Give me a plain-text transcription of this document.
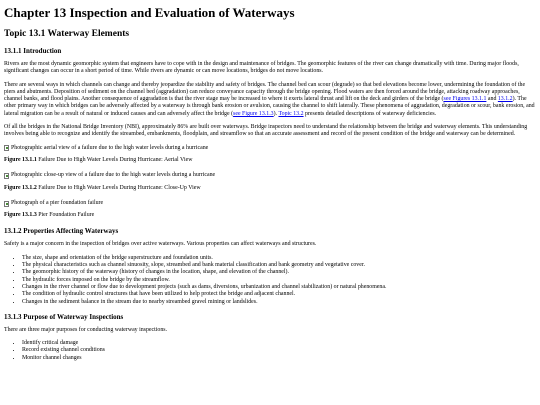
Chapter 13 Inspection and Evaluation of Waterways
Topic 13.1 Waterway Elements
13.1.1 Introduction

Rivers are the most dynamic geomorphic system that engineers have to cope with in the design and maintenance of bridges. The geomorphic features of the river can change dramatically with time. During major floods, significant changes can occur in a short period of time. While rivers are dynamic or can move locations, bridges do not move locations.

There are several ways in which channels can change and thereby jeopardize the stability and safety of bridges. The channel bed can scour (degrade) so that bed elevations become lower, undermining the foundation of the piers and abutments. Deposition of sediment on the channel bed (aggradation) can reduce conveyance capacity through the bridge opening. Flood waters are then forced around the bridge, attacking roadway approaches, channel banks, and flood plains. Another consequence of aggradation is that the river stage may be increased to where it exerts lateral thrust and lift on the deck and girders of the bridge (see Figures 13.1.1 and 13.1.2). The other primary way in which bridges can be adversely affected by a waterway is through bank erosion or avulsion, causing the channel to shift laterally. These phenomena of aggradation, degradation or scour, bank erosion, and lateral migration can be a result of natural or induced causes and can adversely affect the bridge (see Figure 13.1.3). Topic 13.2 presents detailed descriptions of waterway deficiencies.

Of all the bridges in the National Bridge Inventory (NBI), approximately 86% are built over waterways. Bridge inspectors need to understand the relationship between the bridge and waterway elements. This understanding involves being able to recognize and identify the streambed, embankments, floodplain, and streamflow so that an accurate assessment and record of the present condition of the bridge and waterway can be determined.

Photographic aerial view of a failure due to the high water levels during a hurricane

Figure 13.1.1 Failure Due to High Water Levels During Hurricane: Aerial View

Photographic close-up view of a failure due to the high water levels during a hurricane

Figure 13.1.2 Failure Due to High Water Levels During Hurricane: Close-Up View

Photograph of a pier foundation failure

Figure 13.1.3 Pier Foundation Failure

13.1.2 Properties Affecting Waterways

Safety is a major concern in the inspection of bridges over active waterways. Various properties can affect waterways and structures.

• The size, shape and orientation of the bridge superstructure and foundation units.
• The physical characteristics such as channel sinuosity, slope, streambed and bank material classification and bank geometry and vegetative cover.
• The geomorphic history of the waterway (history of changes in the location, shape, and elevation of the channel).
• The hydraulic forces imposed on the bridge by the streamflow.
• Changes in the river channel or flow due to development projects (such as dams, diversions, urbanization and channel stabilization) or natural phenomena.
• The condition of hydraulic control structures that have been utilized to help protect the bridge and adjacent channel.
• Changes in the sediment balance in the stream due to nearby streambed gravel mining or landslides.
13.1.3 Purpose of Waterway Inspections

There are three major purposes for conducting waterway inspections.

• Identify critical damage
• Record existing channel conditions
• Monitor channel changes
